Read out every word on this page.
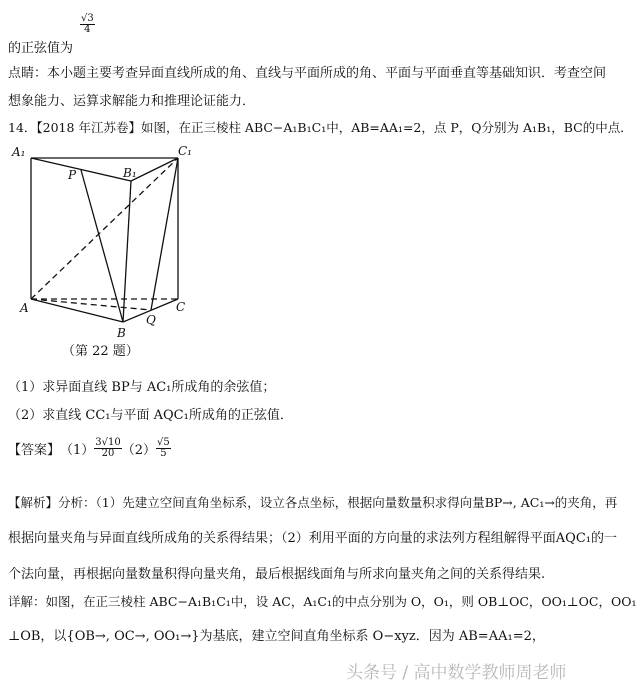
$\frac{√3}{4}$
的正弦值为
点睛：本小题主要考查异面直线所成的角、直线与平面所成的角、平面与平面垂直等基础知识．考查空间
想象能力、运算求解能力和推理论证能力．
14．【2018 年江苏卷】如图，在正三棱柱 ABC−A₁B₁C₁中，AB=AA₁=2，点 P，Q分别为 A₁B₁，BC的中点．
A₁	C₁
B₁
P
A
Q
C
B
（第 22 题）
（1）求异面直线 BP与 AC₁所成角的余弦值；
（2）求直线 CC₁与平面 AQC₁所成角的正弦值．
【答案】 $(1) \frac{3√10}{20} (2) \frac{√5}{5}$
【解析】分析：（1）先建立空间直角坐标系，设立各点坐标，根据向量数量积求得向量BP→, AC₁→的夹角，再
根据向量夹角与异面直线所成角的关系得结果；（2）利用平面的方向量的求法列方程组解得平面AQC₁的一
个法向量，再根据向量数量积得向量夹角，最后根据线面角与所求向量夹角之间的关系得结果.
详解：如图，在正三棱柱 ABC−A₁B₁C₁中，设 AC，A₁C₁的中点分别为 O，O₁，则 OB⊥OC，OO₁⊥OC，OO₁
⊥OB，以{OB→, OC→, OO₁→}为基底，建立空间直角坐标系 O−xyz．因为 AB=AA₁=2，
头条号 / 高中数学教师周老师
